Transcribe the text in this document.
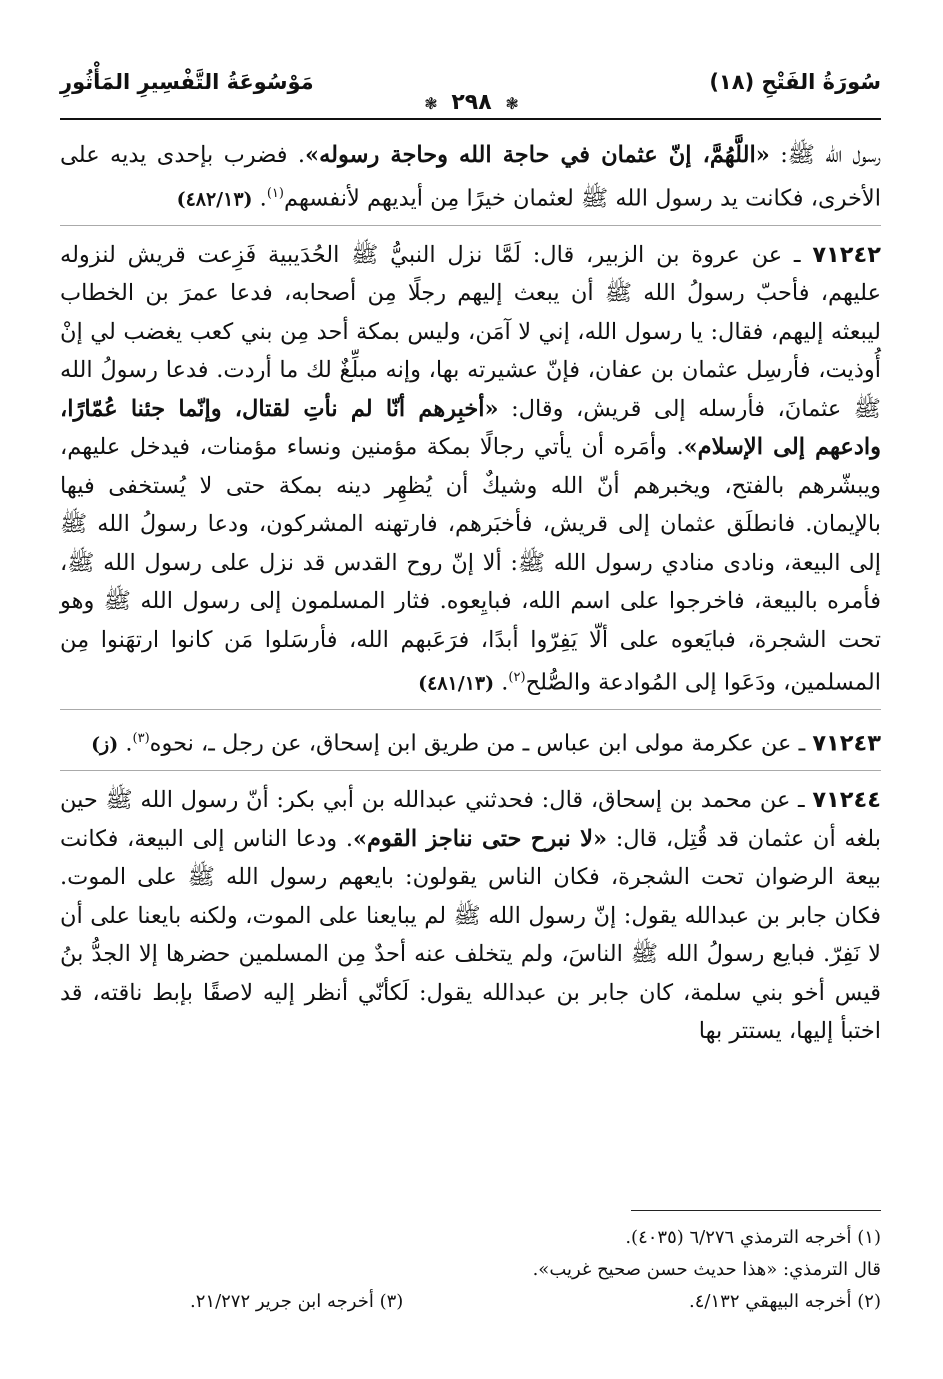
سُورَةُ الفَتْحِ (١٨)
مَوْسُوعَةُ التَّفْسِيرِ المَأْثُورِ
❃ ٢٩٨ ❃

رسول الله ﷺ: «اللَّهُمَّ، إنّ عثمان في حاجة الله وحاجة رسوله». فضرب بإحدى يديه على الأخرى، فكانت يد رسول الله ﷺ لعثمان خيرًا مِن أيديهم لأنفسهم$^{(١)}$. (٤٨٢/١٣)

٧١٢٤٢ ـ عن عروة بن الزبير، قال: لَمَّا نزل النبيُّ ﷺ الحُدَيبية فَزِعت قريش لنزوله عليهم، فأحبّ رسولُ الله ﷺ أن يبعث إليهم رجلًا مِن أصحابه، فدعا عمرَ بن الخطاب ليبعثه إليهم، فقال: يا رسول الله، إني لا آمَن، وليس بمكة أحد مِن بني كعب يغضب لي إنْ أُوذيت، فأرسِل عثمان بن عفان، فإنّ عشيرته بها، وإنه مبلِّغٌ لك ما أردت. فدعا رسولُ الله ﷺ عثمانَ، فأرسله إلى قريش، وقال: «أخبِرهم أنّا لم نأتِ لقتال، وإنّما جئنا عُمّارًا، وادعهم إلى الإسلام». وأمَره أن يأتي رجالًا بمكة مؤمنين ونساء مؤمنات، فيدخل عليهم، ويبشّرهم بالفتح، ويخبرهم أنّ الله وشيكٌ أن يُظهِر دينه بمكة حتى لا يُستخفى فيها بالإيمان. فانطلَق عثمان إلى قريش، فأخبَرهم، فارتهنه المشركون، ودعا رسولُ الله ﷺ إلى البيعة، ونادى منادي رسول الله ﷺ: ألا إنّ روح القدس قد نزل على رسول الله ﷺ، فأمره بالبيعة، فاخرجوا على اسم الله، فبايِعوه. فثار المسلمون إلى رسول الله ﷺ وهو تحت الشجرة، فبايَعوه على ألّا يَفِرّوا أبدًا، فرَعَبهم الله، فأرسَلوا مَن كانوا ارتهَنوا مِن المسلمين، ودَعَوا إلى المُوادعة والصُّلح$^{(٢)}$. (٤٨١/١٣)

٧١٢٤٣ ـ عن عكرمة مولى ابن عباس ـ من طريق ابن إسحاق، عن رجل ـ، نحوه$^{(٣)}$. (ز)

٧١٢٤٤ ـ عن محمد بن إسحاق، قال: فحدثني عبدالله بن أبي بكر: أنّ رسول الله ﷺ حين بلغه أن عثمان قد قُتِل، قال: «لا نبرح حتى نناجز القوم». ودعا الناس إلى البيعة، فكانت بيعة الرضوان تحت الشجرة، فكان الناس يقولون: بايعهم رسول الله ﷺ على الموت. فكان جابر بن عبدالله يقول: إنّ رسول الله ﷺ لم يبايعنا على الموت، ولكنه بايعنا على أن لا نَفِرّ. فبايع رسولُ الله ﷺ الناسَ، ولم يتخلف عنه أحدٌ مِن المسلمين حضرها إلا الجدُّ بنُ قيس أخو بني سلمة، كان جابر بن عبدالله يقول: لَكأنّي أنظر إليه لاصقًا بإبط ناقته، قد اختبأ إليها، يستتر بها

(١) أخرجه الترمذي ٦/٢٧٦ (٤٠٣٥).
قال الترمذي: «هذا حديث حسن صحيح غريب».
(٢) أخرجه البيهقي ٤/١٣٢.
(٣) أخرجه ابن جرير ٢١/٢٧٢.
